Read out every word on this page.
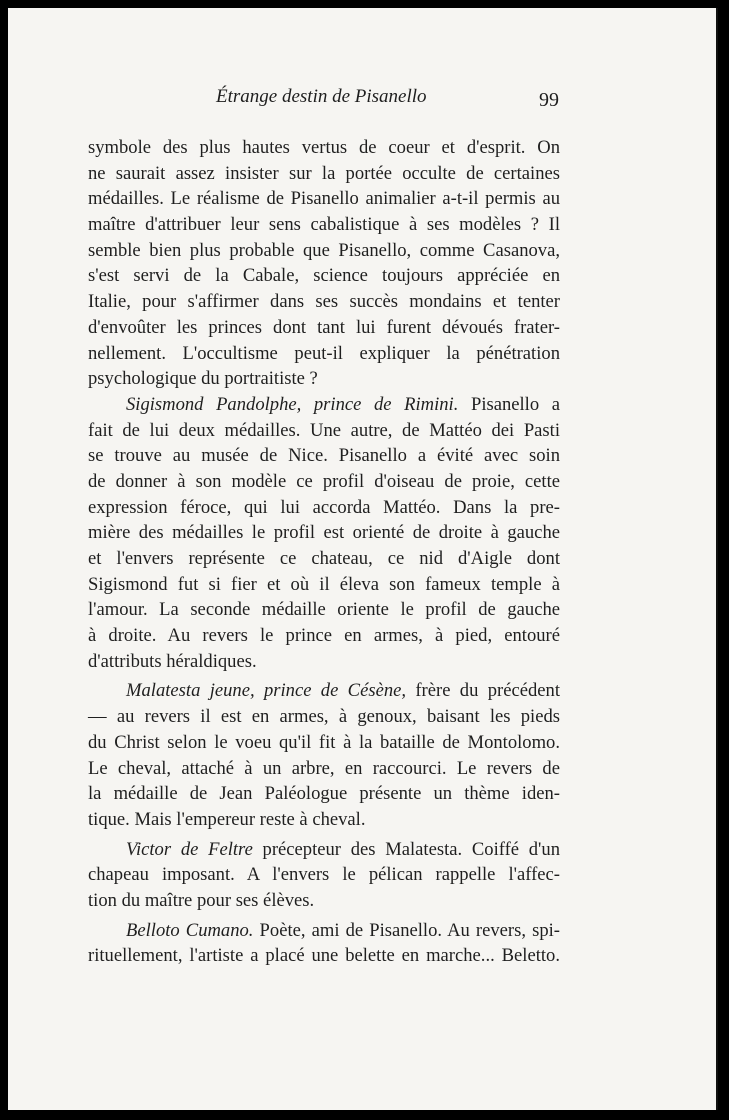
Étrange destin de Pisanello	99
symbole des plus hautes vertus de coeur et d'esprit. On
ne saurait assez insister sur la portée occulte de certaines
médailles. Le réalisme de Pisanello animalier a-t-il permis au
maître d'attribuer leur sens cabalistique à ses modèles ? Il
semble bien plus probable que Pisanello, comme Casanova,
s'est servi de la Cabale, science toujours appréciée en
Italie, pour s'affirmer dans ses succès mondains et tenter
d'envoûter les princes dont tant lui furent dévoués frater-
nellement. L'occultisme peut-il expliquer la pénétration
psychologique du portraitiste ?
Sigismond Pandolphe, prince de Rimini. Pisanello a
fait de lui deux médailles. Une autre, de Mattéo dei Pasti
se trouve au musée de Nice. Pisanello a évité avec soin
de donner à son modèle ce profil d'oiseau de proie, cette
expression féroce, qui lui accorda Mattéo. Dans la pre-
mière des médailles le profil est orienté de droite à gauche
et l'envers représente ce chateau, ce nid d'Aigle dont
Sigismond fut si fier et où il éleva son fameux temple à
l'amour. La seconde médaille oriente le profil de gauche
à droite. Au revers le prince en armes, à pied, entouré
d'attributs héraldiques.
Malatesta jeune, prince de Césène, frère du précédent
— au revers il est en armes, à genoux, baisant les pieds
du Christ selon le voeu qu'il fit à la bataille de Montolomo.
Le cheval, attaché à un arbre, en raccourci. Le revers de
la médaille de Jean Paléologue présente un thème iden-
tique. Mais l'empereur reste à cheval.
Victor de Feltre précepteur des Malatesta. Coiffé d'un
chapeau imposant. A l'envers le pélican rappelle l'affec-
tion du maître pour ses élèves.
Belloto Cumano. Poète, ami de Pisanello. Au revers, spi-
rituellement, l'artiste a placé une belette en marche... Beletto.
